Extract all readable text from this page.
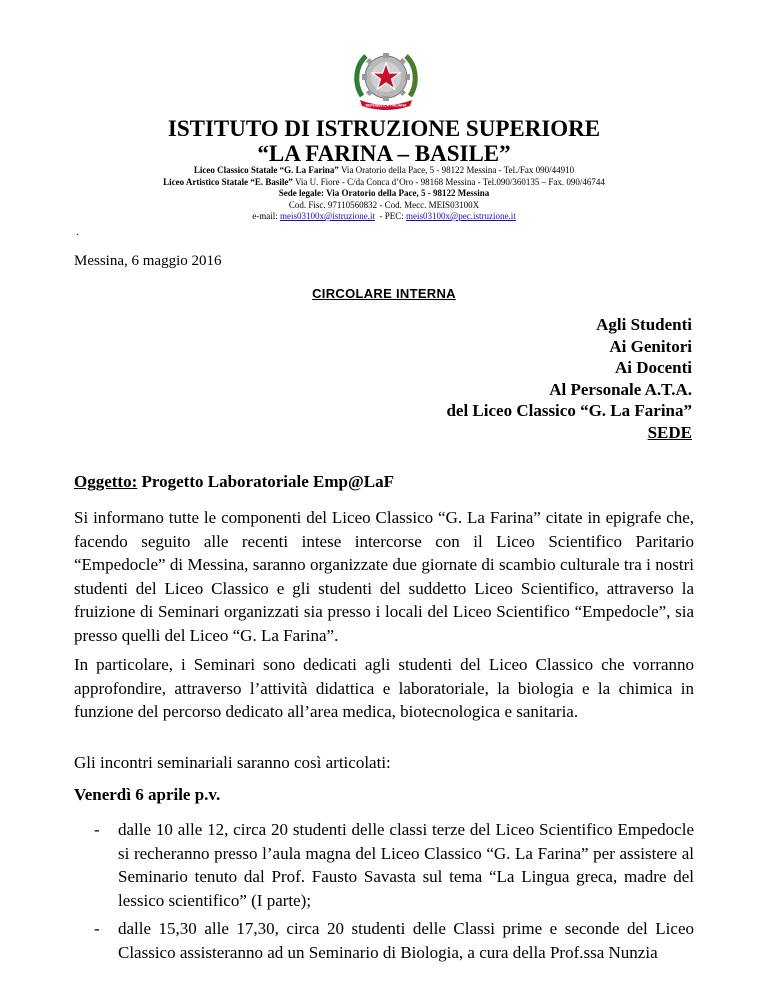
REPUBBLICA ITALIANA
ISTITUTO DI ISTRUZIONE SUPERIORE
“LA FARINA – BASILE”
Liceo Classico Statale “G. La Farina” Via Oratorio della Pace, 5 - 98122 Messina - Tel./Fax 090/44910
Liceo Artistico Statale “E. Basile” Via U. Fiore - C/da Conca d’Oro - 98168 Messina - Tel.090/360135 – Fax. 090/46744
Sede legale: Via Oratorio della Pace, 5 - 98122 Messina
Cod. Fisc. 97110560832 - Cod. Mecc. MEIS03100X
e-mail: meis03100x@istruzione.it  - PEC: meis03100x@pec.istruzione.it
.
Messina, 6 maggio 2016
CIRCOLARE INTERNA
Agli Studenti
Ai Genitori
Ai Docenti
Al Personale A.T.A.
del Liceo Classico “G. La Farina”
SEDE
Oggetto: Progetto Laboratoriale Emp@LaF
Si informano tutte le componenti del Liceo Classico “G. La Farina” citate in epigrafe che, facendo seguito alle recenti intese intercorse con il Liceo Scientifico Paritario “Empedocle” di Messina, saranno organizzate due giornate di scambio culturale tra i nostri studenti del Liceo Classico e gli studenti del suddetto Liceo Scientifico, attraverso la fruizione di Seminari organizzati sia presso i locali del Liceo Scientifico “Empedocle”, sia presso quelli del Liceo “G. La Farina”.
In particolare, i Seminari sono dedicati agli studenti del Liceo Classico che vorranno approfondire, attraverso l’attività didattica e laboratoriale, la biologia e la chimica in funzione del percorso dedicato all’area medica, biotecnologica e sanitaria.
Gli incontri seminariali saranno così articolati:
Venerdì 6 aprile p.v.
-	dalle 10 alle 12, circa 20 studenti delle classi terze del Liceo Scientifico Empedocle si recheranno presso l’aula magna del Liceo Classico “G. La Farina” per assistere al Seminario tenuto dal Prof. Fausto Savasta sul tema “La Lingua greca, madre del lessico scientifico” (I parte);
-	dalle 15,30 alle 17,30, circa 20 studenti delle Classi prime e seconde del Liceo Classico assisteranno ad un Seminario di Biologia, a cura della Prof.ssa Nunzia
